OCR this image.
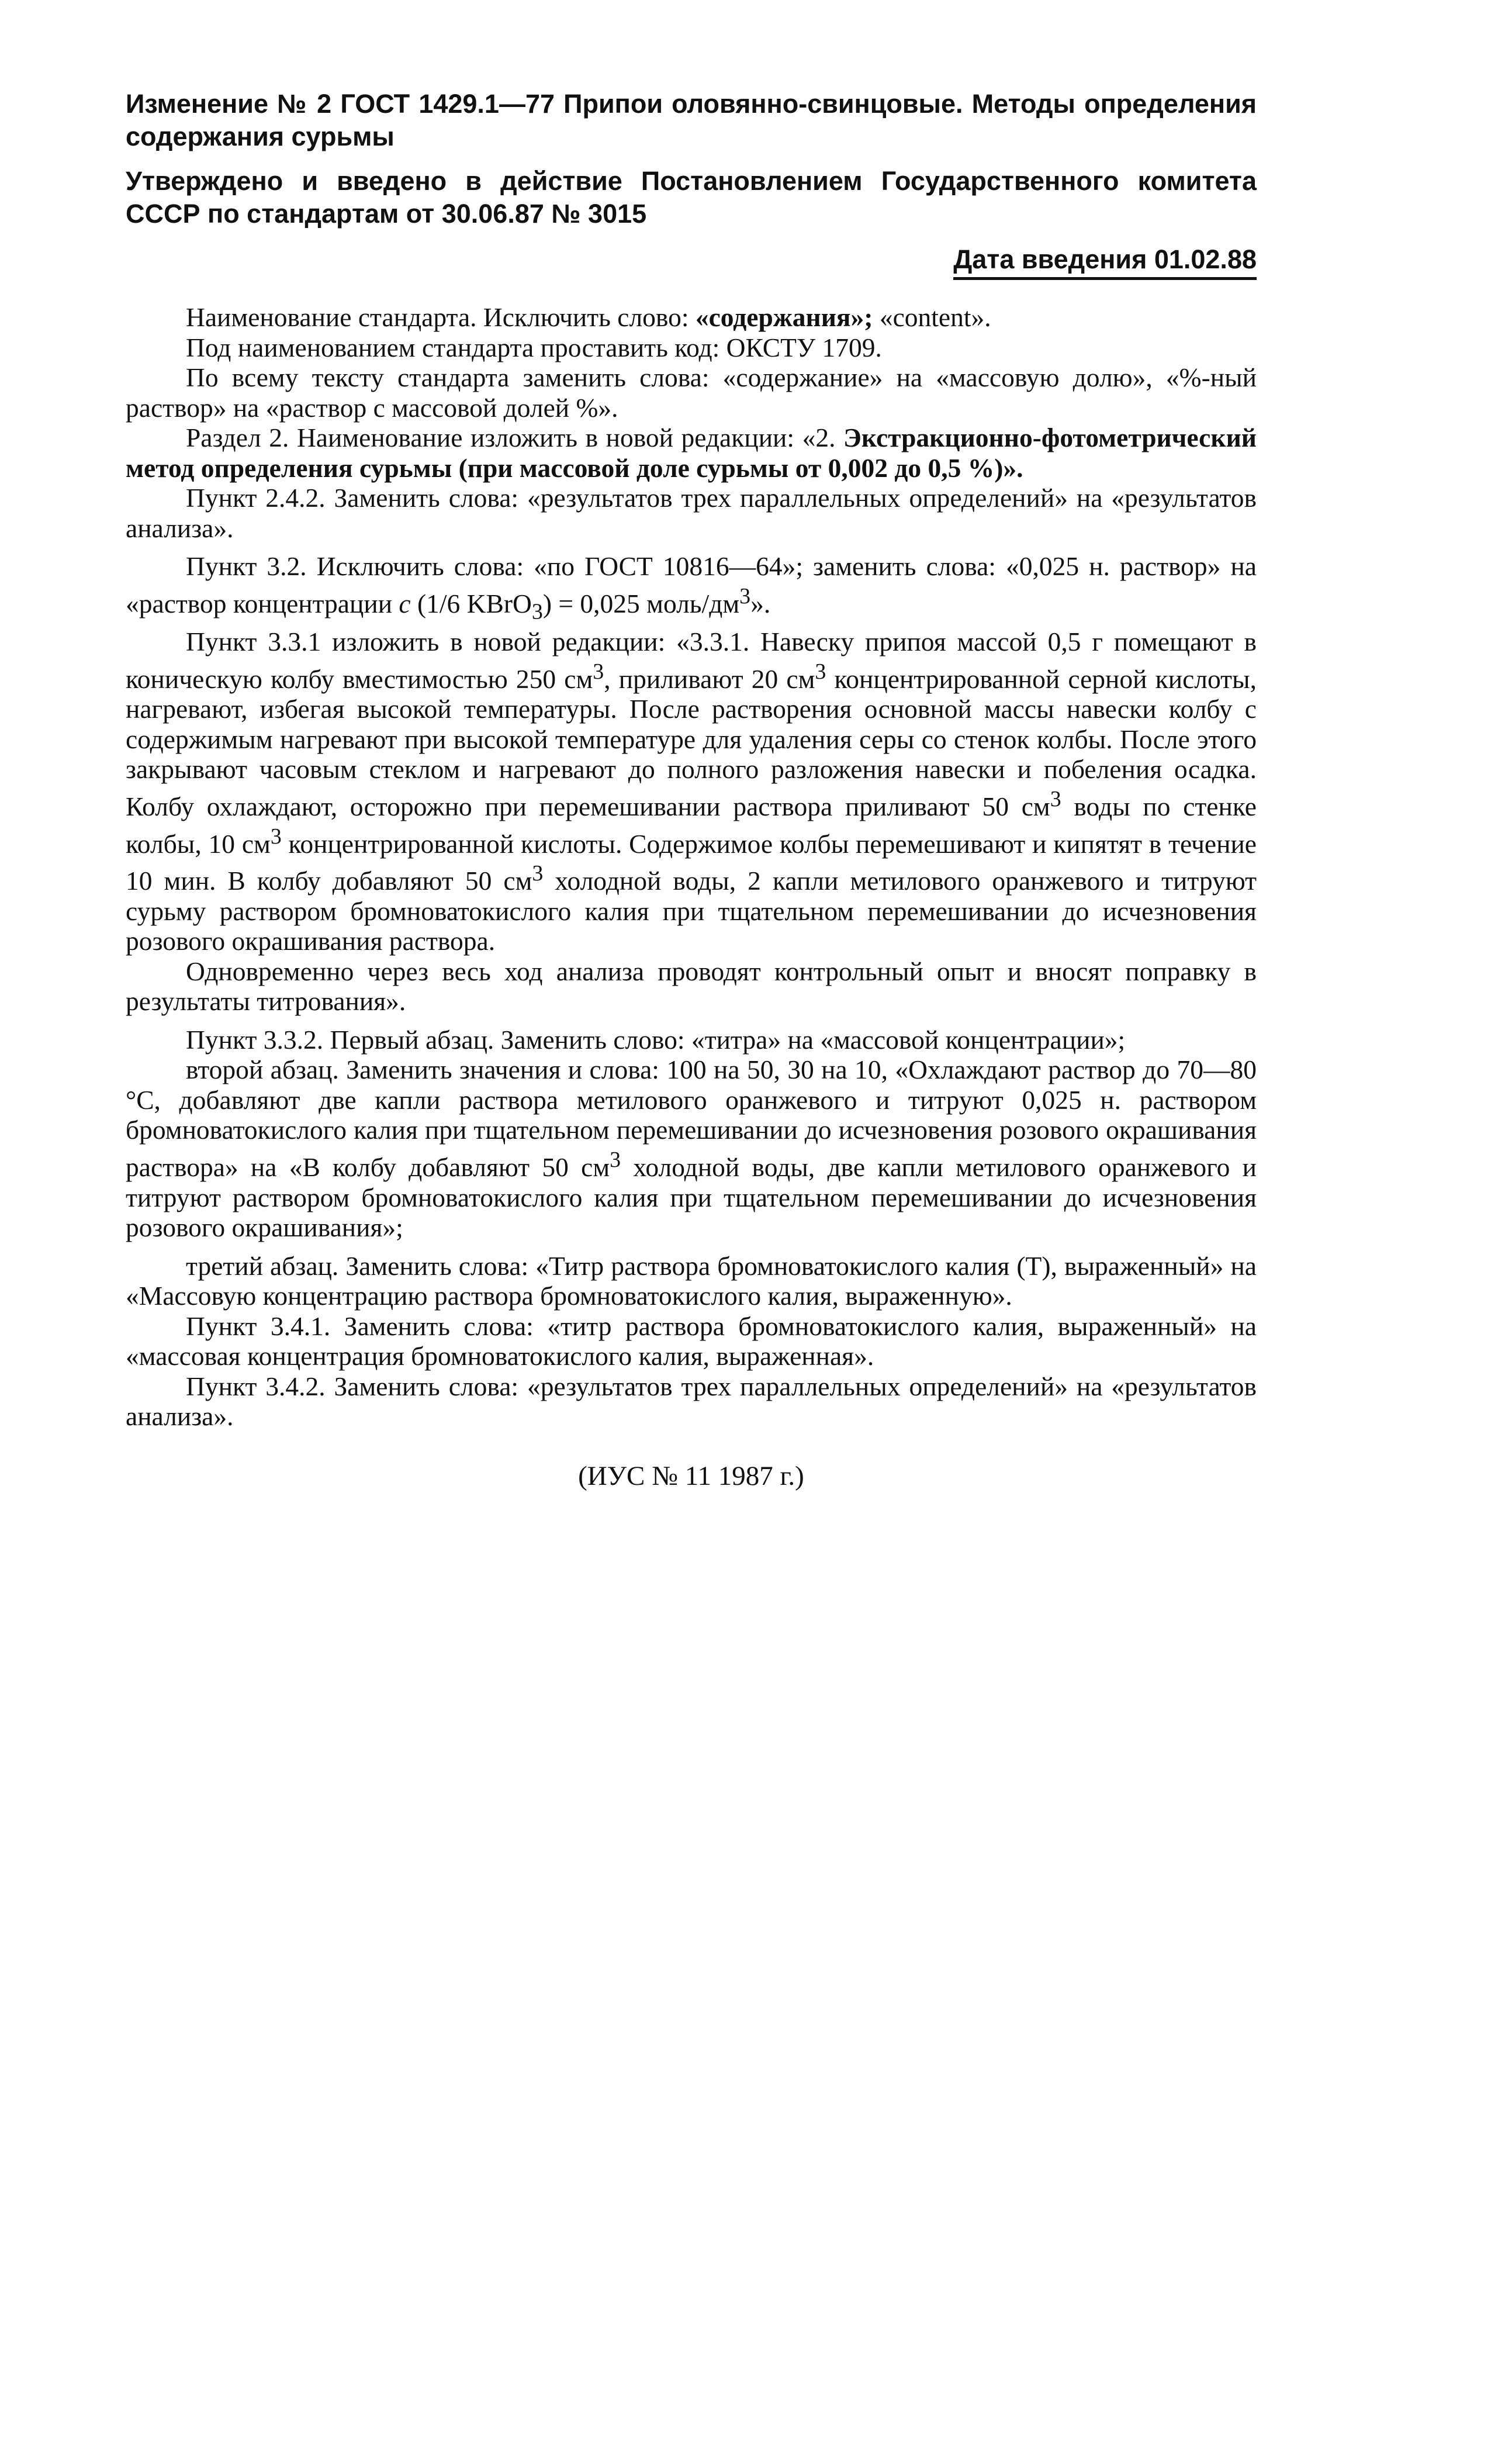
Изменение № 2 ГОСТ 1429.1—77 Припои оловянно-свинцовые. Методы определения содержания сурьмы
Утверждено и введено в действие Постановлением Государственного комитета СССР по стандартам от 30.06.87 № 3015
Дата введения 01.02.88

Наименование стандарта. Исключить слово: «содержания»; «content».

Под наименованием стандарта проставить код: ОКСТУ 1709.

По всему тексту стандарта заменить слова: «содержание» на «массовую долю», «%-ный раствор» на «раствор с массовой долей %».

Раздел 2. Наименование изложить в новой редакции: «2. Экстракционно-фотометрический метод определения сурьмы (при массовой доле сурьмы от 0,002 до 0,5 %)».

Пункт 2.4.2. Заменить слова: «результатов трех параллельных определений» на «результатов анализа».

Пункт 3.2. Исключить слова: «по ГОСТ 10816—64»; заменить слова: «0,025 н. раствор» на «раствор концентрации с (1/6 KBrO$_3$) = 0,025 моль/$дм^3$».

Пункт 3.3.1 изложить в новой редакции: «3.3.1. Навеску припоя массой 0,5 г помещают в коническую колбу вместимостью 250 $см^3$, приливают 20 $см^3$ концентрированной серной кислоты, нагревают, избегая высокой температуры. После растворения основной массы навески колбу с содержимым нагревают при высокой температуре для удаления серы со стенок колбы. После этого закрывают часовым стеклом и нагревают до полного разложения навески и побеления осадка. Колбу охлаждают, осторожно при перемешивании раствора приливают 50 $см^3$ воды по стенке колбы, 10 $см^3$ концентрированной кислоты. Содержимое колбы перемешивают и кипятят в течение 10 мин. В колбу добавляют 50 $см^3$ холодной воды, 2 капли метилового оранжевого и титруют сурьму раствором бромноватокислого калия при тщательном перемешивании до исчезновения розового окрашивания раствора.

Одновременно через весь ход анализа проводят контрольный опыт и вносят поправку в результаты титрования».

Пункт 3.3.2. Первый абзац. Заменить слово: «титра» на «массовой концентрации»;

второй абзац. Заменить значения и слова: 100 на 50, 30 на 10, «Охлаждают раствор до 70—80 °С, добавляют две капли раствора метилового оранжевого и титруют 0,025 н. раствором бромноватокислого калия при тщательном перемешивании до исчезновения розового окрашивания раствора» на «В колбу добавляют 50 $см^3$ холодной воды, две капли метилового оранжевого и титруют раствором бромноватокислого калия при тщательном перемешивании до исчезновения розового окрашивания»;

третий абзац. Заменить слова: «Титр раствора бромноватокислого калия (Т), выраженный» на «Массовую концентрацию раствора бромноватокислого калия, выраженную».

Пункт 3.4.1. Заменить слова: «титр раствора бромноватокислого калия, выраженный» на «массовая концентрация бромноватокислого калия, выраженная».

Пункт 3.4.2. Заменить слова: «результатов трех параллельных определений» на «результатов анализа».

(ИУС № 11 1987 г.)
